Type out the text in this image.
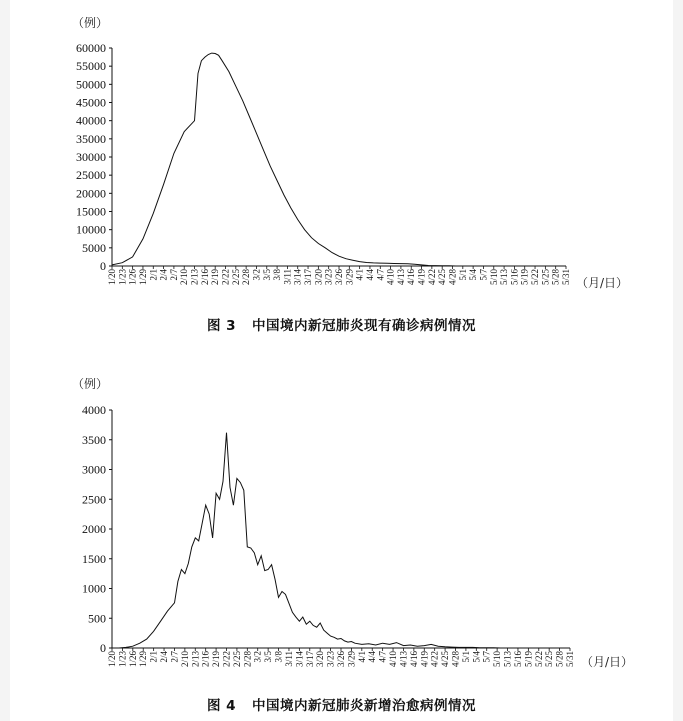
（例）
0
5000
10000
15000
20000
25000
30000
35000
40000
45000
50000
55000
60000
1/20 1/23 1/26 1/29 2/1 2/4 2/7 2/10 2/13 2/16 2/19 2/22 2/25 2/28 3/2 3/5 3/8 3/11 3/14 3/17 3/20 3/23 3/26 3/29 4/1 4/4 4/7 4/10 4/13 4/16 4/19 4/22 4/25 4/28 5/1 5/4 5/7 5/10 5/13 5/16 5/19 5/22 5/25 5/28 5/31 （月/日）
图 3 中国境内新冠肺炎现有确诊病例情况
（例）
0
500
1000
1500
2000
2500
3000
3500
4000
1/20 1/23 1/26 1/29 2/1 2/4 2/7 2/10 2/13 2/16 2/19 2/22 2/25 2/28 3/2 3/5 3/8 3/11 3/14 3/17 3/20 3/23 3/26 3/29 4/1 4/4 4/7 4/10 4/13 4/16 4/19 4/22 4/25 4/28 5/1 5/4 5/7 5/10 5/13 5/16 5/19 5/22 5/25 5/28 5/31 （月/日）
图 4 中国境内新冠肺炎新增治愈病例情况
